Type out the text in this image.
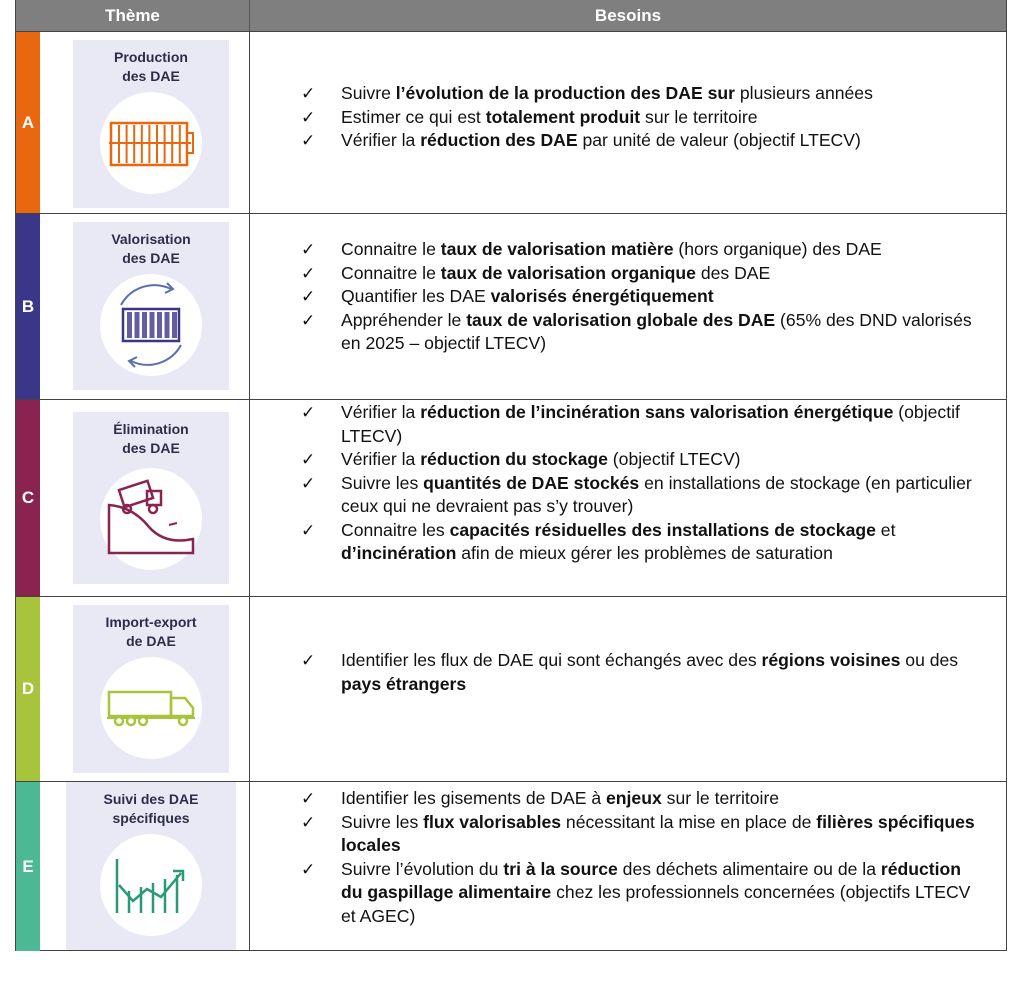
Thème	Besoins
A
Production
des DAE
✓ Suivre l’évolution de la production des DAE sur plusieurs années
✓ Estimer ce qui est totalement produit sur le territoire
✓ Vérifier la réduction des DAE par unité de valeur (objectif LTECV)
B
Valorisation
des DAE	✓ Connaitre le taux de valorisation matière (hors organique) des DAE
✓ Connaitre le taux de valorisation organique des DAE
✓ Quantifier les DAE valorisés énergétiquement
✓ Appréhender le taux de valorisation globale des DAE (65% des DND valorisés en 2025 – objectif LTECV)
C
Élimination
des DAE
✓ Vérifier la réduction de l’incinération sans valorisation énergétique (objectif LTECV)
✓ Vérifier la réduction du stockage (objectif LTECV)
✓ Suivre les quantités de DAE stockés en installations de stockage (en particulier ceux qui ne devraient pas s’y trouver)
✓ Connaitre les capacités résiduelles des installations de stockage et d’incinération afin de mieux gérer les problèmes de saturation
D
Import-export
de DAE
✓ Identifier les flux de DAE qui sont échangés avec des régions voisines ou des pays étrangers
E
Suivi des DAE
spécifiques
✓ Identifier les gisements de DAE à enjeux sur le territoire
✓ Suivre les flux valorisables nécessitant la mise en place de filières spécifiques locales
✓ Suivre l’évolution du tri à la source des déchets alimentaire ou de la réduction du gaspillage alimentaire chez les professionnels concernées (objectifs LTECV et AGEC)
